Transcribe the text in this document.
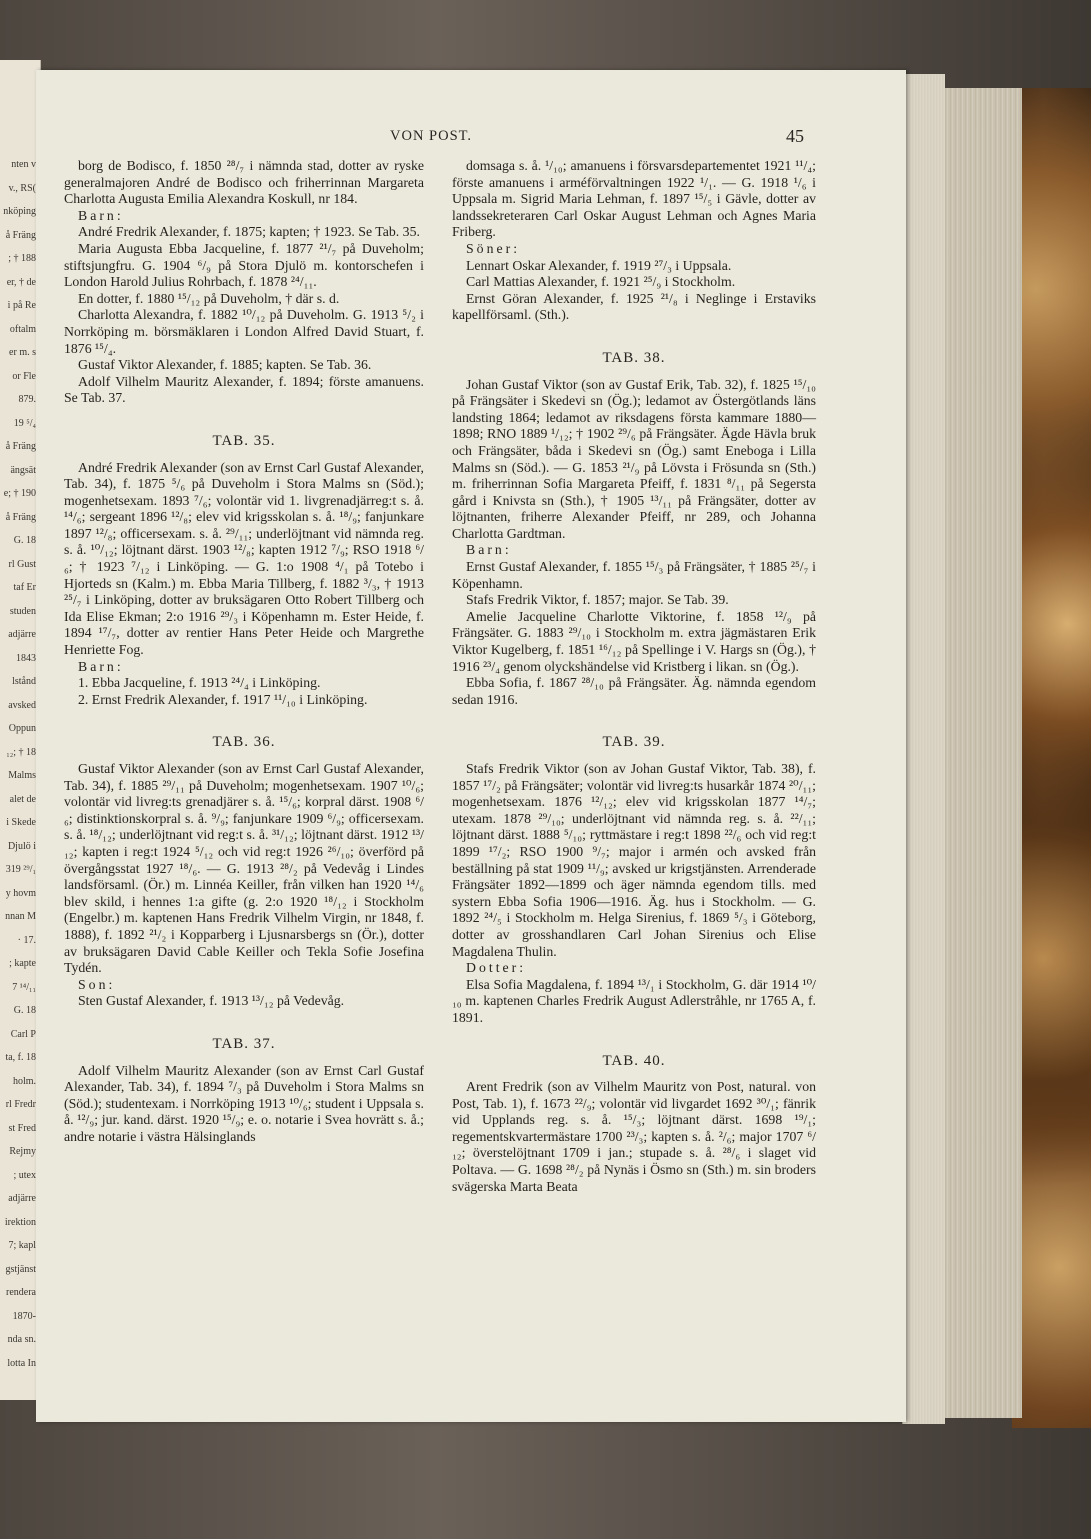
nten v
v., RS(
nköping
å Fräng
; † 188
er, † de
i på Re
oftalm
er m. s
or Fle
879.
19 ⁵/₄
å Fräng
ängsät
e; † 190
å Fräng
G. 18
rl Gust
taf Er
studen
adjärre
1843
lstånd
avsked
Oppun
₁₂; † 18
Malms
alet de
i Skede
Djulö i
319 ²⁹/₁
y hovm
nnan M
· 17.
; kapte
7 ¹⁴/₁₁
G. 18
Carl P
ta, f. 18
holm.
rl Fredr
st Fred
Rejmy
; utex
adjärre
irektion
7; kapl
gstjänst
rendera
1870-
nda sn.
lotta In
VON POST.	45

borg de Bodisco, f. 1850 ²⁸/₇ i nämnda stad, dotter av ryske generalmajoren André de Bodisco och friherrinnan Margareta Charlotta Augusta Emilia Alexandra Koskull, nr 184.

Barn:

André Fredrik Alexander, f. 1875; kapten; † 1923. Se Tab. 35.

Maria Augusta Ebba Jacqueline, f. 1877 ²¹/₇ på Duveholm; stiftsjungfru. G. 1904 ⁶/₉ på Stora Djulö m. kontorschefen i London Harold Julius Rohrbach, f. 1878 ²⁴/₁₁.

En dotter, f. 1880 ¹⁵/₁₂ på Duveholm, † där s. d.

Charlotta Alexandra, f. 1882 ¹⁰/₁₂ på Duveholm. G. 1913 ⁵/₂ i Norrköping m. börsmäklaren i London Alfred David Stuart, f. 1876 ¹⁵/₄.

Gustaf Viktor Alexander, f. 1885; kapten. Se Tab. 36.

Adolf Vilhelm Mauritz Alexander, f. 1894; förste amanuens. Se Tab. 37.

TAB. 35.

André Fredrik Alexander (son av Ernst Carl Gustaf Alexander, Tab. 34), f. 1875 ⁵/₆ på Duveholm i Stora Malms sn (Söd.); mogenhetsexam. 1893 ⁷/₆; volontär vid 1. livgrenadjärreg:t s. å. ¹⁴/₆; sergeant 1896 ¹²/₈; elev vid krigsskolan s. å. ¹⁸/₉; fanjunkare 1897 ¹²/₈; officersexam. s. å. ²⁹/₁₁; underlöjtnant vid nämnda reg. s. å. ¹⁰/₁₂; löjtnant därst. 1903 ¹²/₈; kapten 1912 ⁷/₉; RSO 1918 ⁶/₆; † 1923 ⁷/₁₂ i Linköping. — G. 1:o 1908 ⁴/₁ på Totebo i Hjorteds sn (Kalm.) m. Ebba Maria Tillberg, f. 1882 ³/₃, † 1913 ²⁵/₇ i Linköping, dotter av bruksägaren Otto Robert Tillberg och Ida Elise Ekman; 2:o 1916 ²⁹/₃ i Köpenhamn m. Ester Heide, f. 1894 ¹⁷/₇, dotter av rentier Hans Peter Heide och Margrethe Henriette Fog.

Barn:

1. Ebba Jacqueline, f. 1913 ²⁴/₄ i Linköping.

2. Ernst Fredrik Alexander, f. 1917 ¹¹/₁₀ i Linköping.

TAB. 36.

Gustaf Viktor Alexander (son av Ernst Carl Gustaf Alexander, Tab. 34), f. 1885 ²⁹/₁₁ på Duveholm; mogenhetsexam. 1907 ¹⁰/₆; volontär vid livreg:ts grenadjärer s. å. ¹⁵/₆; korpral därst. 1908 ⁶/₆; distinktionskorpral s. å. ⁹/₉; fanjunkare 1909 ⁶/₉; officersexam. s. å. ¹⁸/₁₂; underlöjtnant vid reg:t s. å. ³¹/₁₂; löjtnant därst. 1912 ¹³/₁₂; kapten i reg:t 1924 ⁵/₁₂ och vid reg:t 1926 ²⁶/₁₀; överförd på övergångsstat 1927 ¹⁸/₆. — G. 1913 ²⁸/₂ på Vedevåg i Lindes landsförsaml. (Ör.) m. Linnéa Keiller, från vilken han 1920 ¹⁴/₆ blev skild, i hennes 1:a gifte (g. 2:o 1920 ¹⁸/₁₂ i Stockholm (Engelbr.) m. kaptenen Hans Fredrik Vilhelm Virgin, nr 1848, f. 1888), f. 1892 ²¹/₂ i Kopparberg i Ljusnarsbergs sn (Ör.), dotter av bruksägaren David Cable Keiller och Tekla Sofie Josefina Tydén.

Son:

Sten Gustaf Alexander, f. 1913 ¹³/₁₂ på Vedevåg.

TAB. 37.

Adolf Vilhelm Mauritz Alexander (son av Ernst Carl Gustaf Alexander, Tab. 34), f. 1894 ⁷/₃ på Duveholm i Stora Malms sn (Söd.); studentexam. i Norrköping 1913 ¹⁰/₆; student i Uppsala s. å. ¹²/₉; jur. kand. därst. 1920 ¹⁵/₉; e. o. notarie i Svea hovrätt s. å.; andre notarie i västra Hälsinglands

domsaga s. å. ¹/₁₀; amanuens i försvarsdepartementet 1921 ¹¹/₄; förste amanuens i arméförvaltningen 1922 ¹/₁. — G. 1918 ¹/₆ i Uppsala m. Sigrid Maria Lehman, f. 1897 ¹⁵/₅ i Gävle, dotter av landssekreteraren Carl Oskar August Lehman och Agnes Maria Friberg.

Söner:

Lennart Oskar Alexander, f. 1919 ²⁷/₃ i Uppsala.

Carl Mattias Alexander, f. 1921 ²⁵/₉ i Stockholm.

Ernst Göran Alexander, f. 1925 ²¹/₈ i Neglinge i Erstaviks kapellförsaml. (Sth.).

TAB. 38.

Johan Gustaf Viktor (son av Gustaf Erik, Tab. 32), f. 1825 ¹⁵/₁₀ på Frängsäter i Skedevi sn (Ög.); ledamot av Östergötlands läns landsting 1864; ledamot av riksdagens första kammare 1880—1898; RNO 1889 ¹/₁₂; † 1902 ²⁹/₆ på Frängsäter. Ägde Hävla bruk och Frängsäter, båda i Skedevi sn (Ög.) samt Eneboga i Lilla Malms sn (Söd.). — G. 1853 ²¹/₉ på Lövsta i Frösunda sn (Sth.) m. friherrinnan Sofia Margareta Pfeiff, f. 1831 ⁸/₁₁ på Segersta gård i Knivsta sn (Sth.), † 1905 ¹³/₁₁ på Frängsäter, dotter av löjtnanten, friherre Alexander Pfeiff, nr 289, och Johanna Charlotta Gardtman.

Barn:

Ernst Gustaf Alexander, f. 1855 ¹⁵/₃ på Frängsäter, † 1885 ²⁵/₇ i Köpenhamn.

Stafs Fredrik Viktor, f. 1857; major. Se Tab. 39.

Amelie Jacqueline Charlotte Viktorine, f. 1858 ¹²/₉ på Frängsäter. G. 1883 ²⁹/₁₀ i Stockholm m. extra jägmästaren Erik Viktor Kugelberg, f. 1851 ¹⁶/₁₂ på Spellinge i V. Hargs sn (Ög.), † 1916 ²³/₄ genom olyckshändelse vid Kristberg i likan. sn (Ög.).

Ebba Sofia, f. 1867 ²⁸/₁₀ på Frängsäter. Äg. nämnda egendom sedan 1916.

TAB. 39.

Stafs Fredrik Viktor (son av Johan Gustaf Viktor, Tab. 38), f. 1857 ¹⁷/₂ på Frängsäter; volontär vid livreg:ts husarkår 1874 ²⁰/₁₁; mogenhetsexam. 1876 ¹²/₁₂; elev vid krigsskolan 1877 ¹⁴/₇; utexam. 1878 ²⁹/₁₀; underlöjtnant vid nämnda reg. s. å. ²²/₁₁; löjtnant därst. 1888 ⁵/₁₀; ryttmästare i reg:t 1898 ²²/₆ och vid reg:t 1899 ¹⁷/₂; RSO 1900 ⁹/₇; major i armén och avsked från beställning på stat 1909 ¹¹/₉; avsked ur krigstjänsten. Arrenderade Frängsäter 1892—1899 och äger nämnda egendom tills. med systern Ebba Sofia 1906—1916. Äg. hus i Stockholm. — G. 1892 ²⁴/₅ i Stockholm m. Helga Sirenius, f. 1869 ⁵/₃ i Göteborg, dotter av grosshandlaren Carl Johan Sirenius och Elise Magdalena Thulin.

Dotter:

Elsa Sofia Magdalena, f. 1894 ¹³/₁ i Stockholm, G. där 1914 ¹⁰/₁₀ m. kaptenen Charles Fredrik August Adlerstråhle, nr 1765 A, f. 1891.

TAB. 40.

Arent Fredrik (son av Vilhelm Mauritz von Post, natural. von Post, Tab. 1), f. 1673 ²²/₉; volontär vid livgardet 1692 ³⁰/₁; fänrik vid Upplands reg. s. å. ¹⁵/₃; löjtnant därst. 1698 ¹⁹/₁; regementskvartermästare 1700 ²³/₃; kapten s. å. ²/₆; major 1707 ⁶/₁₂; överstelöjtnant 1709 i jan.; stupade s. å. ²⁸/₆ i slaget vid Poltava. — G. 1698 ²⁸/₂ på Nynäs i Ösmo sn (Sth.) m. sin broders svägerska Marta Beata
